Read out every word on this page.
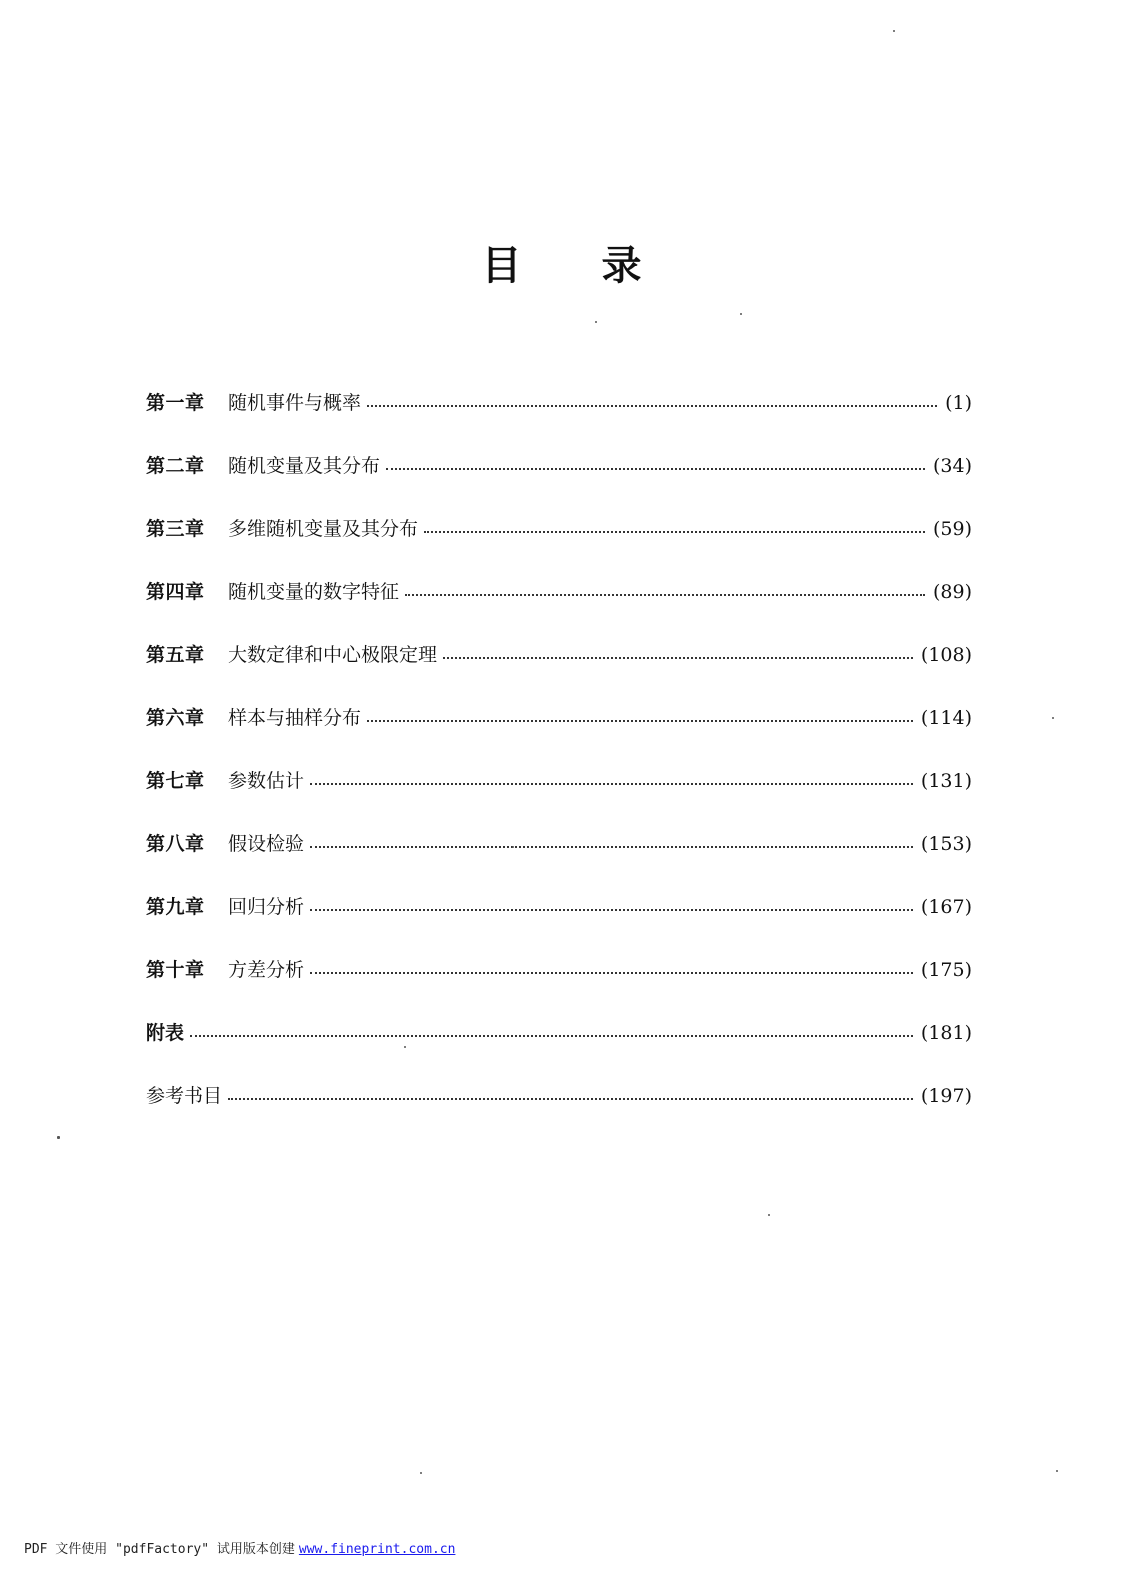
目 录
第一章	随机事件与概率	(1)
第二章	随机变量及其分布	(34)
第三章	多维随机变量及其分布	(59)
第四章	随机变量的数字特征	(89)
第五章	大数定律和中心极限定理	(108)
第六章	样本与抽样分布	(114)
第七章	参数估计	(131)
第八章	假设检验	(153)
第九章	回归分析	(167)
第十章	方差分析	(175)
附表	(181)
参考书目	(197)
PDF 文件使用 "pdfFactory" 试用版本创建 www.fineprint.com.cn
